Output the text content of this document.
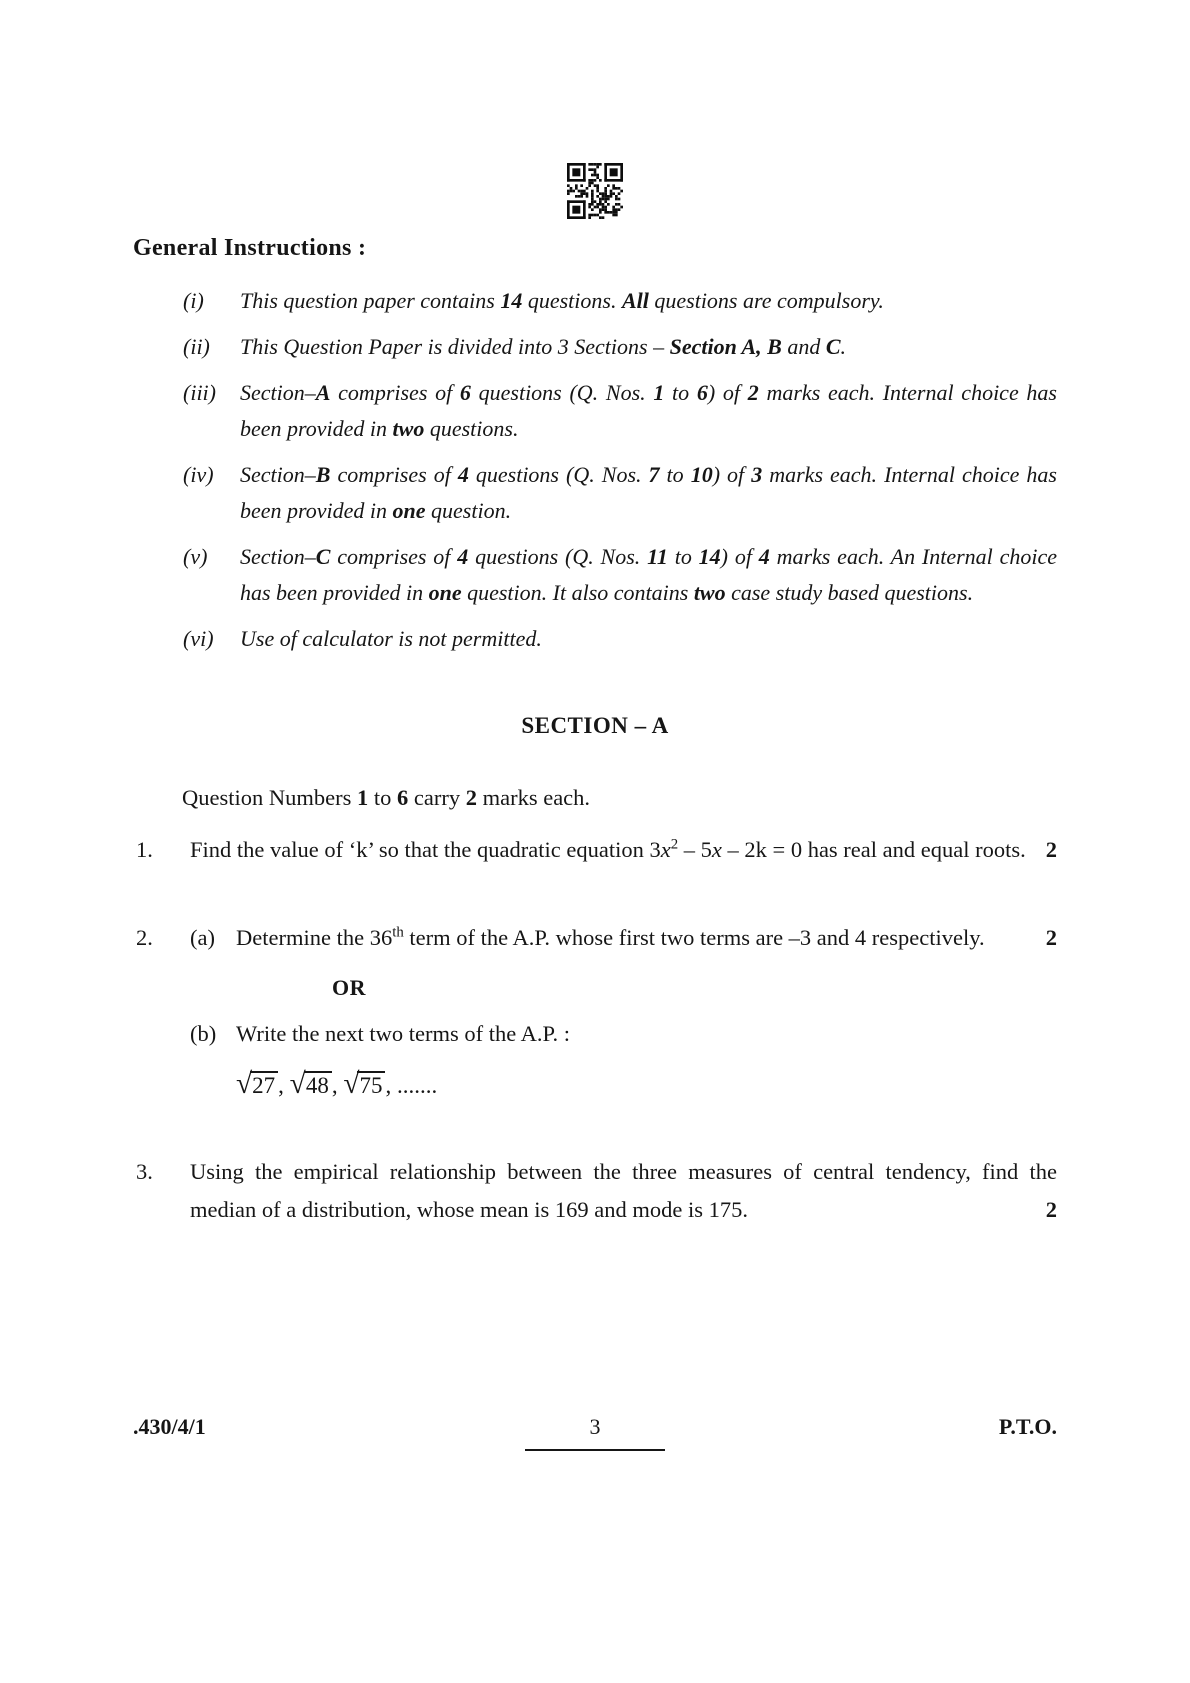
General Instructions :
(i)	This question paper contains 14 questions. All questions are compulsory.
(ii)	This Question Paper is divided into 3 Sections – Section A, B and C.
(iii)	Section–A comprises of 6 questions (Q. Nos. 1 to 6) of 2 marks each. Internal choice has been provided in two questions.
(iv)	Section–B comprises of 4 questions (Q. Nos. 7 to 10) of 3 marks each. Internal choice has been provided in one question.
(v)	Section–C comprises of 4 questions (Q. Nos. 11 to 14) of 4 marks each. An Internal choice has been provided in one question. It also contains two case study based questions.
(vi)	Use of calculator is not permitted.
SECTION – A
Question Numbers 1 to 6 carry 2 marks each.
1.	Find the value of ‘k’ so that the quadratic equation $3x^2 - 5x - 2k = 0$ has real and equal roots. 2
2.	(a) Determine the 36th term of the A.P. whose first two terms are –3 and 4 respectively.	2
OR
(b) Write the next two terms of the A.P. :
√27 , √48 , √75 , .......
3.	Using the empirical relationship between the three measures of central tendency, find the median of a distribution, whose mean is 169 and mode is 175.	2
.430/4/1	3	P.T.O.
